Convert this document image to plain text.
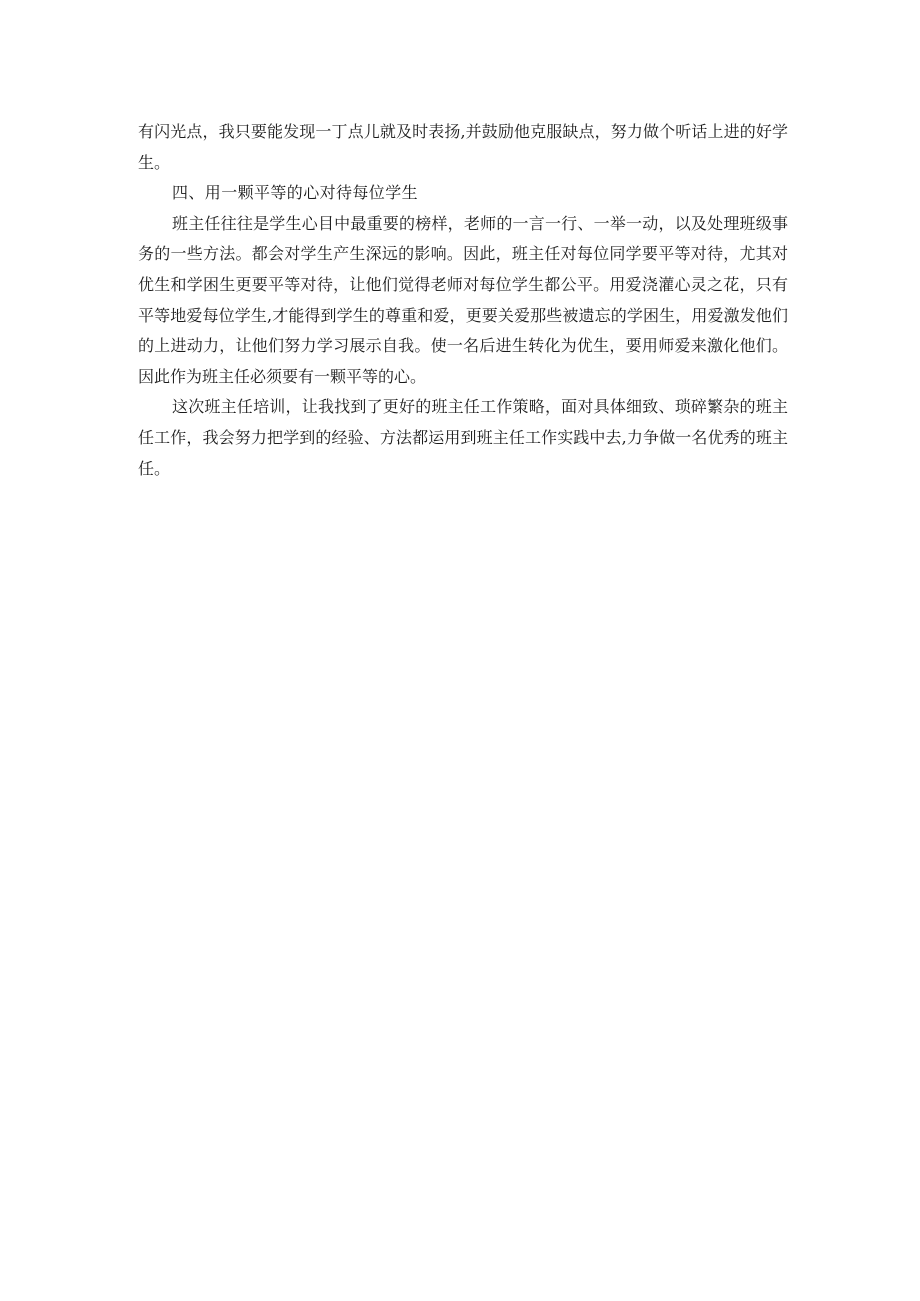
有闪光点，我只要能发现一丁点儿就及时表扬,并鼓励他克服缺点，努力做个听话上进的好学生。

四、用一颗平等的心对待每位学生

班主任往往是学生心目中最重要的榜样，老师的一言一行、一举一动，以及处理班级事务的一些方法。都会对学生产生深远的影响。因此，班主任对每位同学要平等对待，尤其对优生和学困生更要平等对待，让他们觉得老师对每位学生都公平。用爱浇灌心灵之花，只有平等地爱每位学生,才能得到学生的尊重和爱，更要关爱那些被遗忘的学困生，用爱激发他们的上进动力，让他们努力学习展示自我。使一名后进生转化为优生，要用师爱来激化他们。因此作为班主任必须要有一颗平等的心。

这次班主任培训，让我找到了更好的班主任工作策略，面对具体细致、琐碎繁杂的班主任工作，我会努力把学到的经验、方法都运用到班主任工作实践中去,力争做一名优秀的班主任。
